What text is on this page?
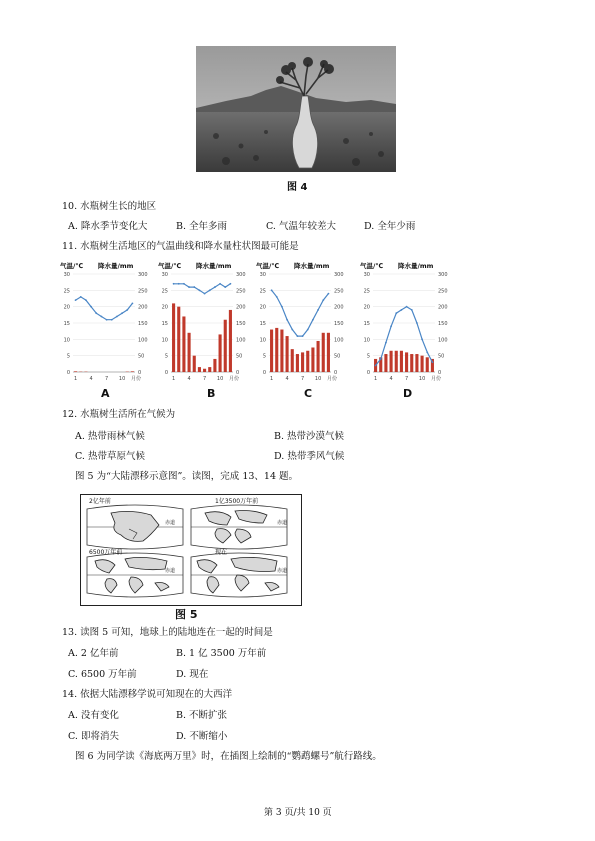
图 4
10. 水瓶树生长的地区
A. 降水季节变化大	B. 全年多雨	C. 气温年较差大	D. 全年少雨
11. 水瓶树生活地区的气温曲线和降水量柱状图最可能是
气温/℃ 降水量/mm
0	0
5	50
10	100
15	150
20	200
25	250
30	300
1 4 7 10 月份
气温/℃ 降水量/mm
0	0
5	50
10	100
15	150
20	200
25	250
30	300
1 4 7 10 月份
气温/℃ 降水量/mm
0	0
5	50
10	100
15	150
20	200
25	250
30	300
1 4 7 10 月份
气温/℃ 降水量/mm
0	0
5	50
10	100
15	150
20	200
25	250
30	300
1 4 7 10 月份
A	B	C	D
12. 水瓶树生活所在气候为
A. 热带雨林气候	B. 热带沙漠气候
C. 热带草原气候	D. 热带季风气候
图 5 为“大陆漂移示意图”。读图，完成 13、14 题。
2亿年前	1亿3500万年前
6500万年前	现在
赤道	赤道
赤道	赤道
图 5
13. 读图 5 可知，地球上的陆地连在一起的时间是
A. 2 亿年前	B. 1 亿 3500 万年前
C. 6500 万年前	D. 现在
14. 依据大陆漂移学说可知现在的大西洋
A. 没有变化	B. 不断扩张
C. 即将消失	D. 不断缩小
图 6 为同学读《海底两万里》时，在插图上绘制的“鹦鹉螺号”航行路线。
第 3 页/共 10 页
